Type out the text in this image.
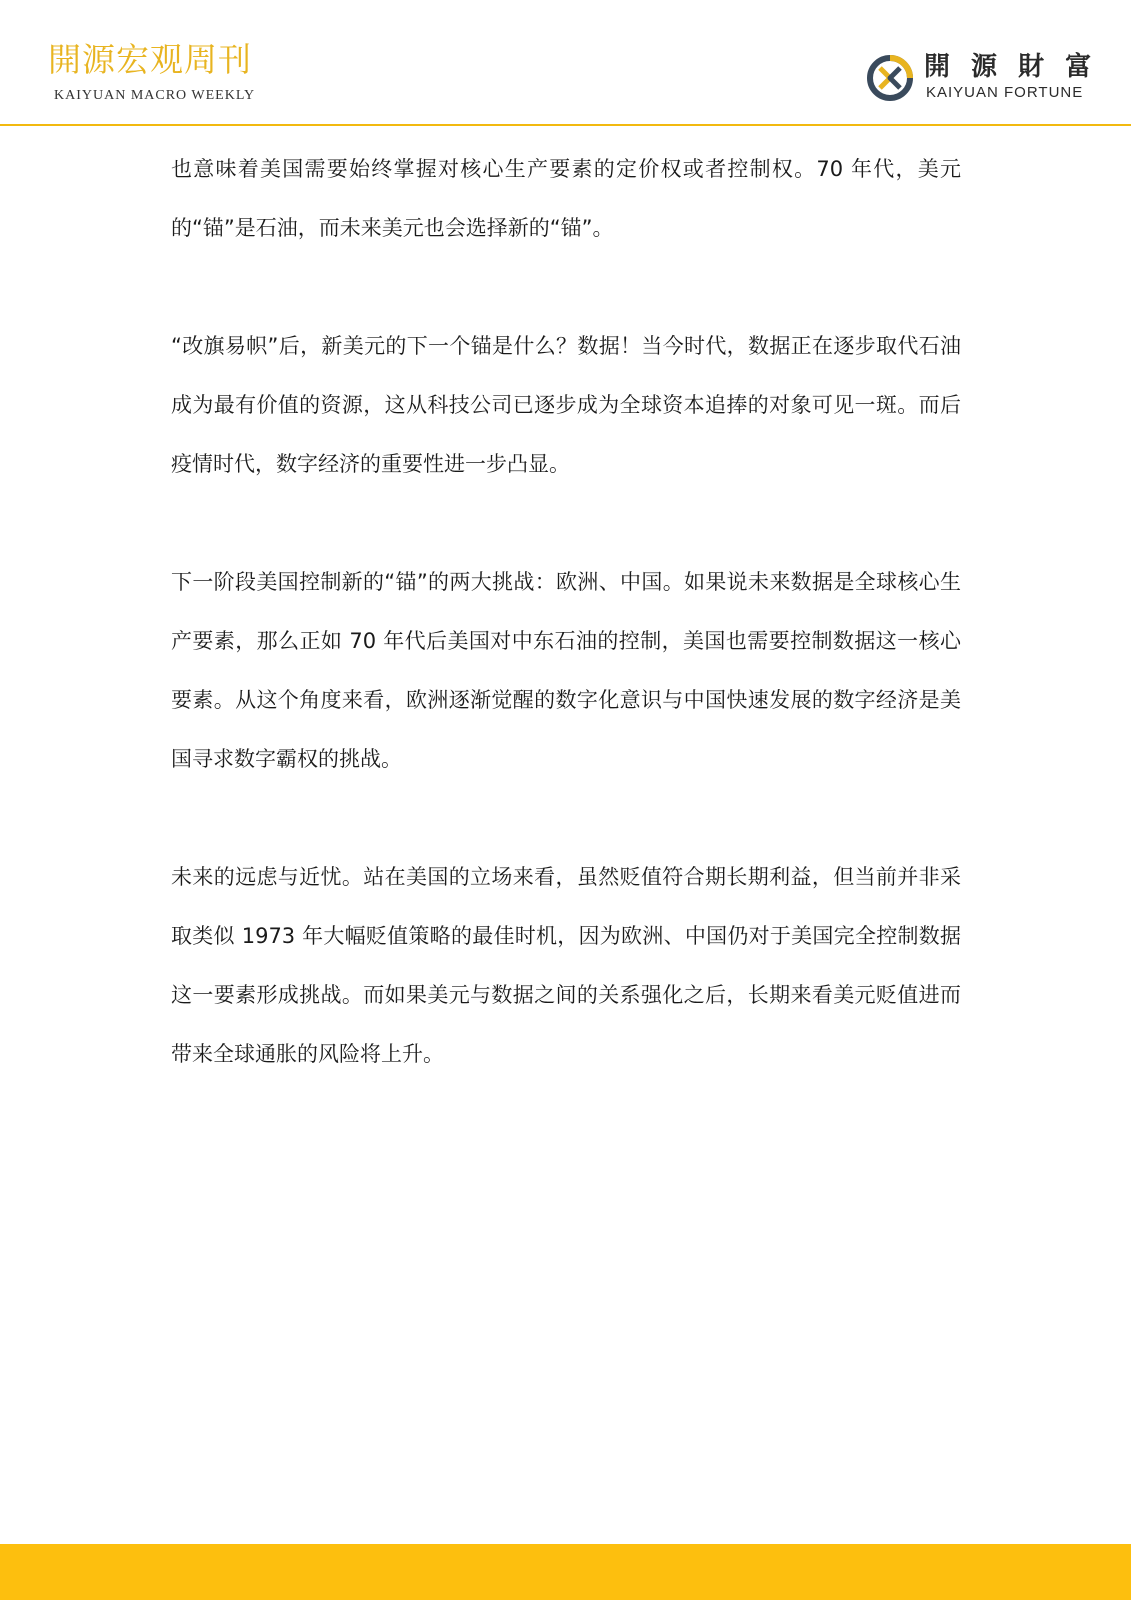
開源宏观周刊
KAIYUAN MACRO WEEKLY
開 源 財 富
KAIYUAN FORTUNE

也意味着美国需要始终掌握对核心生产要素的定价权或者控制权。70 年代，美元的“锚”是石油，而未来美元也会选择新的“锚”。

“改旗易帜”后，新美元的下一个锚是什么？数据！当今时代，数据正在逐步取代石油成为最有价值的资源，这从科技公司已逐步成为全球资本追捧的对象可见一斑。而后疫情时代，数字经济的重要性进一步凸显。

下一阶段美国控制新的“锚”的两大挑战：欧洲、中国。如果说未来数据是全球核心生产要素，那么正如 70 年代后美国对中东石油的控制，美国也需要控制数据这一核心要素。从这个角度来看，欧洲逐渐觉醒的数字化意识与中国快速发展的数字经济是美国寻求数字霸权的挑战。

未来的远虑与近忧。站在美国的立场来看，虽然贬值符合期长期利益，但当前并非采取类似 1973 年大幅贬值策略的最佳时机，因为欧洲、中国仍对于美国完全控制数据这一要素形成挑战。而如果美元与数据之间的关系强化之后，长期来看美元贬值进而带来全球通胀的风险将上升。
